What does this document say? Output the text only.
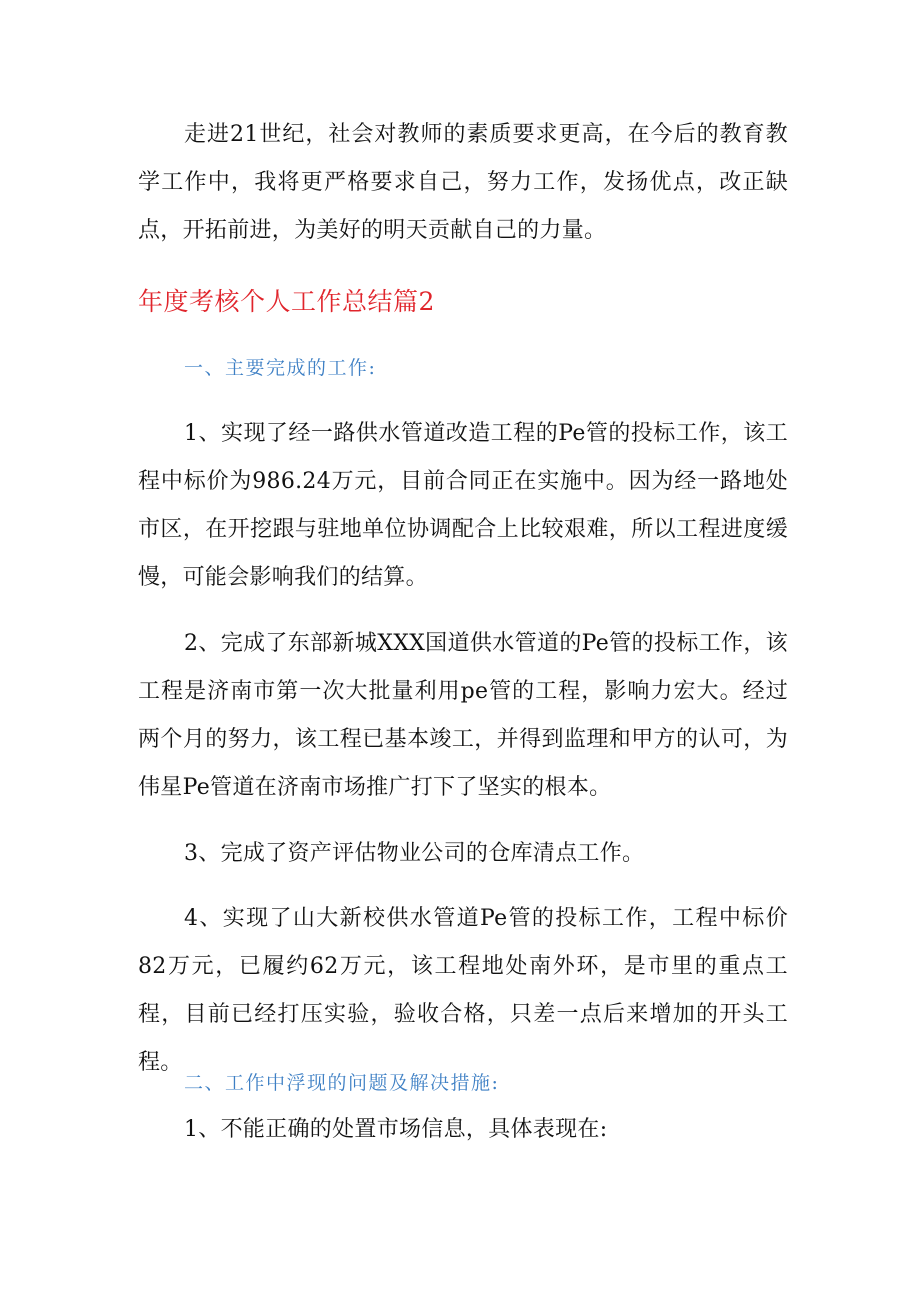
走进21世纪，社会对教师的素质要求更高，在今后的教育教学工作中，我将更严格要求自己，努力工作，发扬优点，改正缺点，开拓前进，为美好的明天贡献自己的力量。

年度考核个人工作总结篇2
一、主要完成的工作:

1、实现了经一路供水管道改造工程的Pe管的投标工作，该工程中标价为986.24万元，目前合同正在实施中。因为经一路地处市区，在开挖跟与驻地单位协调配合上比较艰难，所以工程进度缓慢，可能会影响我们的结算。

2、完成了东部新城XXX国道供水管道的Pe管的投标工作，该工程是济南市第一次大批量利用pe管的工程，影响力宏大。经过两个月的努力，该工程已基本竣工，并得到监理和甲方的认可，为伟星Pe管道在济南市场推广打下了坚实的根本。

3、完成了资产评估物业公司的仓库清点工作。

4、实现了山大新校供水管道Pe管的投标工作，工程中标价82万元，已履约62万元，该工程地处南外环，是市里的重点工程，目前已经打压实验，验收合格，只差一点后来增加的开头工程。

二、工作中浮现的问题及解决措施:

1、不能正确的处置市场信息，具体表现在:
